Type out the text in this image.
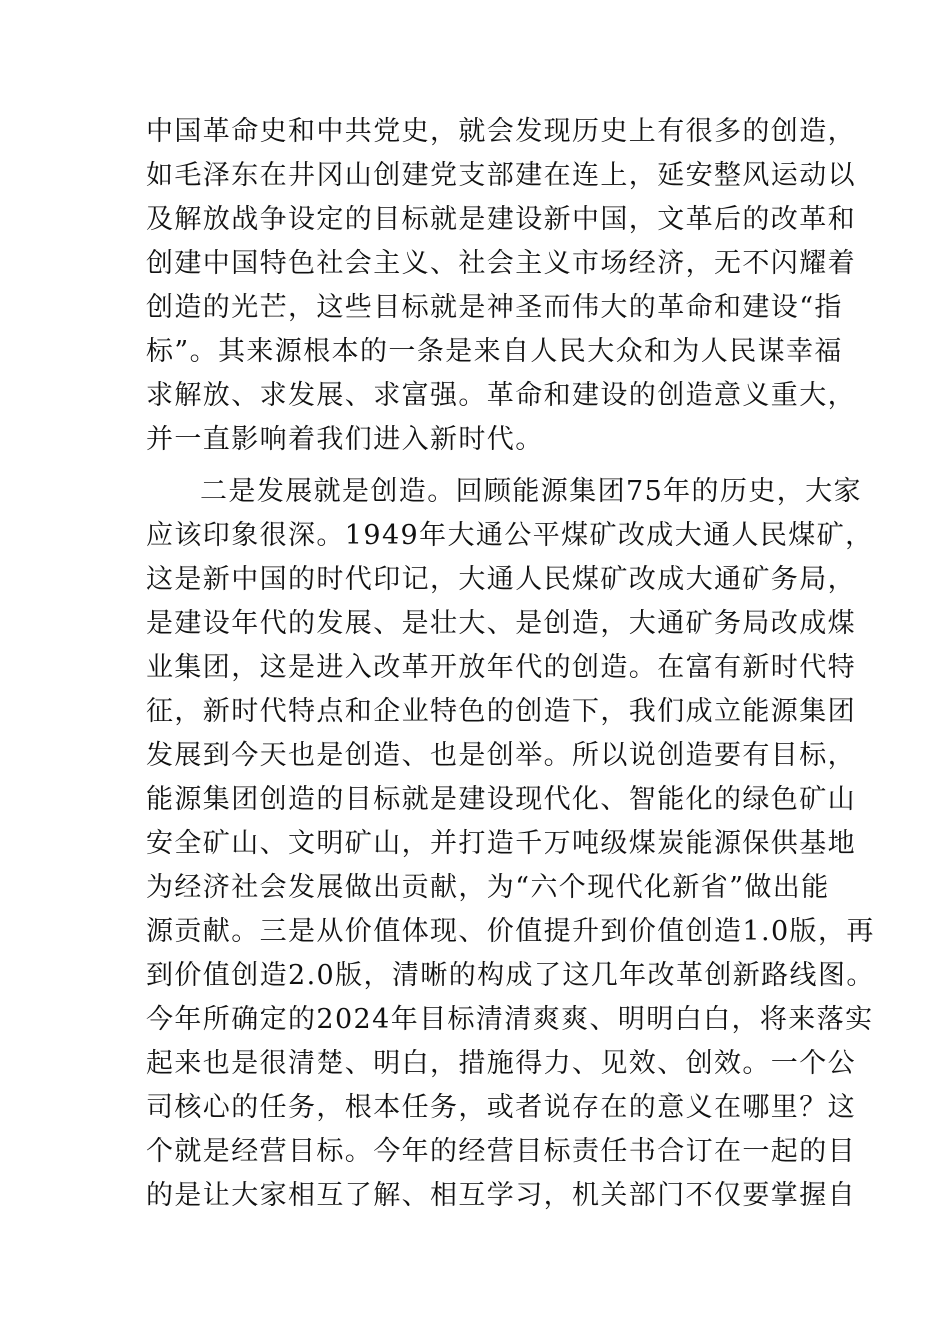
中国革命史和中共党史，就会发现历史上有很多的创造，
如毛泽东在井冈山创建党支部建在连上，延安整风运动以
及解放战争设定的目标就是建设新中国，文革后的改革和
创建中国特色社会主义、社会主义市场经济，无不闪耀着
创造的光芒，这些目标就是神圣而伟大的革命和建设“指
标”。其来源根本的一条是来自人民大众和为人民谋幸福
求解放、求发展、求富强。革命和建设的创造意义重大，
并一直影响着我们进入新时代。
二是发展就是创造。回顾能源集团75年的历史，大家
应该印象很深。1949年大通公平煤矿改成大通人民煤矿，
这是新中国的时代印记，大通人民煤矿改成大通矿务局，
是建设年代的发展、是壮大、是创造，大通矿务局改成煤
业集团，这是进入改革开放年代的创造。在富有新时代特
征，新时代特点和企业特色的创造下，我们成立能源集团
发展到今天也是创造、也是创举。所以说创造要有目标，
能源集团创造的目标就是建设现代化、智能化的绿色矿山
安全矿山、文明矿山，并打造千万吨级煤炭能源保供基地
为经济社会发展做出贡献，为“六个现代化新省”做出能
源贡献。三是从价值体现、价值提升到价值创造1.0版，再
到价值创造2.0版，清晰的构成了这几年改革创新路线图。
今年所确定的2024年目标清清爽爽、明明白白，将来落实
起来也是很清楚、明白，措施得力、见效、创效。一个公
司核心的任务，根本任务，或者说存在的意义在哪里？这
个就是经营目标。今年的经营目标责任书合订在一起的目
的是让大家相互了解、相互学习，机关部门不仅要掌握自
